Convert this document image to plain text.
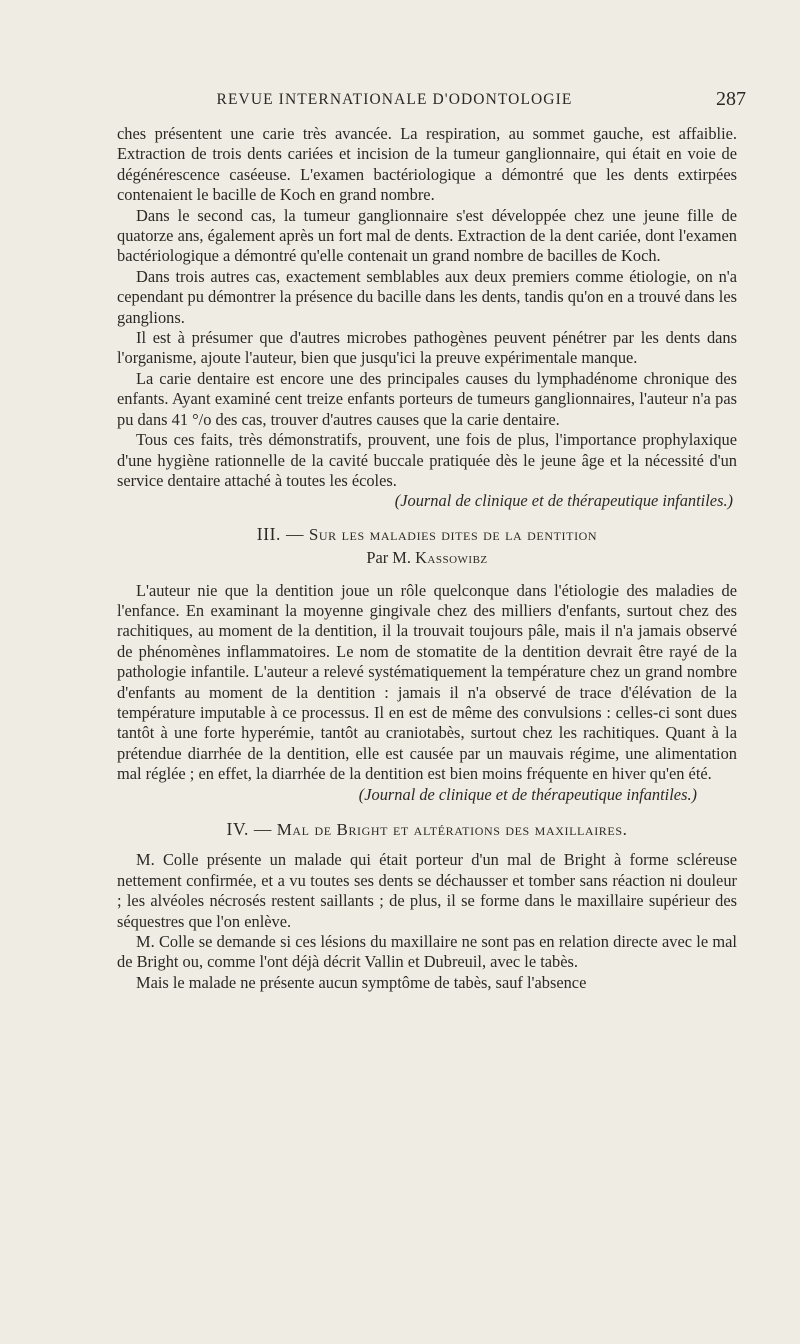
REVUE INTERNATIONALE D'ODONTOLOGIE	287

ches présentent une carie très avancée. La respiration, au sommet gauche, est affaiblie. Extraction de trois dents cariées et incision de la tumeur ganglionnaire, qui était en voie de dégénérescence caséeuse. L'examen bactériologique a démontré que les dents extirpées contenaient le bacille de Koch en grand nombre.

Dans le second cas, la tumeur ganglionnaire s'est développée chez une jeune fille de quatorze ans, également après un fort mal de dents. Extraction de la dent cariée, dont l'examen bactériologique a démontré qu'elle contenait un grand nombre de bacilles de Koch.

Dans trois autres cas, exactement semblables aux deux premiers comme étiologie, on n'a cependant pu démontrer la présence du bacille dans les dents, tandis qu'on en a trouvé dans les ganglions.

Il est à présumer que d'autres microbes pathogènes peuvent pénétrer par les dents dans l'organisme, ajoute l'auteur, bien que jusqu'ici la preuve expérimentale manque.

La carie dentaire est encore une des principales causes du lymphadénome chronique des enfants. Ayant examiné cent treize enfants porteurs de tumeurs ganglionnaires, l'auteur n'a pas pu dans 41 °/o des cas, trouver d'autres causes que la carie dentaire.

Tous ces faits, très démonstratifs, prouvent, une fois de plus, l'importance prophylaxique d'une hygiène rationnelle de la cavité buccale pratiquée dès le jeune âge et la nécessité d'un service dentaire attaché à toutes les écoles.

(Journal de clinique et de thérapeutique infantiles.)

III. — Sur les maladies dites de la dentition
Par M. Kassowibz

L'auteur nie que la dentition joue un rôle quelconque dans l'étiologie des maladies de l'enfance. En examinant la moyenne gingivale chez des milliers d'enfants, surtout chez des rachitiques, au moment de la dentition, il la trouvait toujours pâle, mais il n'a jamais observé de phénomènes inflammatoires. Le nom de stomatite de la dentition devrait être rayé de la pathologie infantile. L'auteur a relevé systématiquement la température chez un grand nombre d'enfants au moment de la dentition : jamais il n'a observé de trace d'élévation de la température imputable à ce processus. Il en est de même des convulsions : celles-ci sont dues tantôt à une forte hyperémie, tantôt au craniotabès, surtout chez les rachitiques. Quant à la prétendue diarrhée de la dentition, elle est causée par un mauvais régime, une alimentation mal réglée ; en effet, la diarrhée de la dentition est bien moins fréquente en hiver qu'en été.

(Journal de clinique et de thérapeutique infantiles.)

IV. — Mal de Bright et altérations des maxillaires.

M. Colle présente un malade qui était porteur d'un mal de Bright à forme scléreuse nettement confirmée, et a vu toutes ses dents se déchausser et tomber sans réaction ni douleur ; les alvéoles nécrosés restent saillants ; de plus, il se forme dans le maxillaire supérieur des séquestres que l'on enlève.

M. Colle se demande si ces lésions du maxillaire ne sont pas en relation directe avec le mal de Bright ou, comme l'ont déjà décrit Vallin et Dubreuil, avec le tabès.

Mais le malade ne présente aucun symptôme de tabès, sauf l'absence
